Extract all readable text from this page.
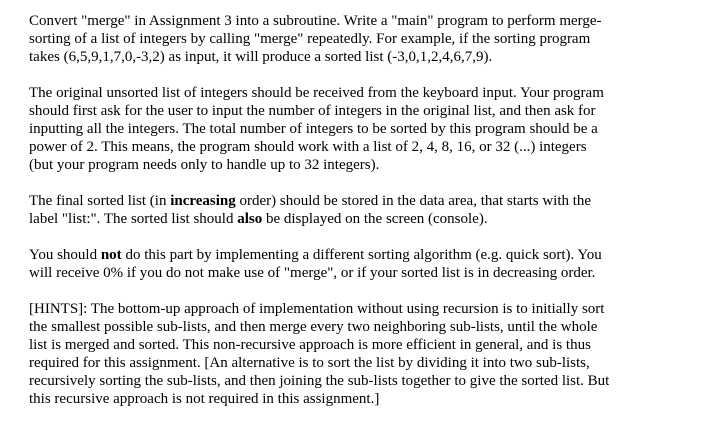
Convert "merge" in Assignment 3 into a subroutine. Write a "main" program to perform merge-
sorting of a list of integers by calling "merge" repeatedly. For example, if the sorting program
takes (6,5,9,1,7,0,-3,2) as input, it will produce a sorted list (-3,0,1,2,4,6,7,9).

The original unsorted list of integers should be received from the keyboard input. Your program
should first ask for the user to input the number of integers in the original list, and then ask for
inputting all the integers. The total number of integers to be sorted by this program should be a
power of 2. This means, the program should work with a list of 2, 4, 8, 16, or 32 (...) integers
(but your program needs only to handle up to 32 integers).

The final sorted list (in increasing order) should be stored in the data area, that starts with the
label "list:". The sorted list should also be displayed on the screen (console).

You should not do this part by implementing a different sorting algorithm (e.g. quick sort). You
will receive 0% if you do not make use of "merge", or if your sorted list is in decreasing order.

[HINTS]: The bottom-up approach of implementation without using recursion is to initially sort
the smallest possible sub-lists, and then merge every two neighboring sub-lists, until the whole
list is merged and sorted. This non-recursive approach is more efficient in general, and is thus
required for this assignment. [An alternative is to sort the list by dividing it into two sub-lists,
recursively sorting the sub-lists, and then joining the sub-lists together to give the sorted list. But
this recursive approach is not required in this assignment.]
